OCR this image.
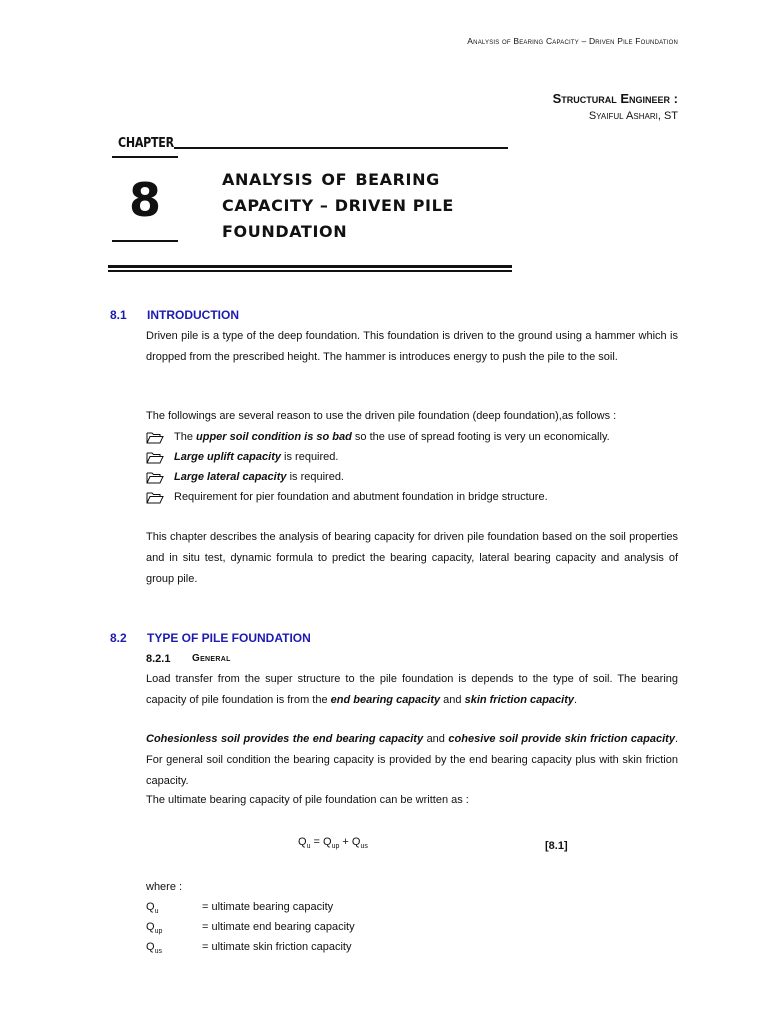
Analysis of Bearing Capacity – Driven Pile Foundation
Structural Engineer :
Syaiful Ashari, ST
CHAPTER
8	ANALYSIS OF BEARING
CAPACITY – DRIVEN PILE
FOUNDATION
8.1 INTRODUCTION

Driven pile is a type of the deep foundation. This foundation is driven to the ground using a hammer which is dropped from the prescribed height. The hammer is introduces energy to push the pile to the soil.

The followings are several reason to use the driven pile foundation (deep foundation),as follows :

The upper soil condition is so bad so the use of spread footing is very un economically.
Large uplift capacity is required.
Large lateral capacity is required.
Requirement for pier foundation and abutment foundation in bridge structure.

This chapter describes the analysis of bearing capacity for driven pile foundation based on the soil properties and in situ test, dynamic formula to predict the bearing capacity, lateral bearing capacity and analysis of group pile.

8.2 TYPE OF PILE FOUNDATION
8.2.1 General

Load transfer from the super structure to the pile foundation is depends to the type of soil. The bearing capacity of pile foundation is from the end bearing capacity and skin friction capacity.

Cohesionless soil provides the end bearing capacity and cohesive soil provide skin friction capacity. For general soil condition the bearing capacity is provided by the end bearing capacity plus with skin friction capacity.

The ultimate bearing capacity of pile foundation can be written as :

$Q_u = Q_{up} + Q_{us}$	[8.1]
where :
$Q_u$	= ultimate bearing capacity
$Q_{up}$	= ultimate end bearing capacity
$Q_{us}$	= ultimate skin friction capacity
